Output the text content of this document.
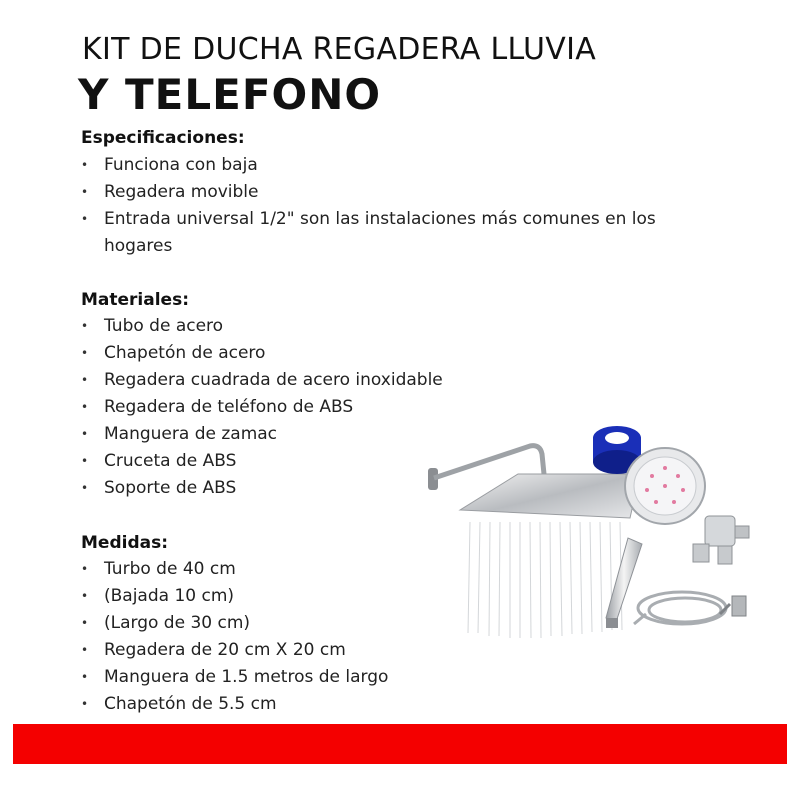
KIT DE DUCHA REGADERA LLUVIA
Y TELEFONO
Especificaciones:
• Funciona con baja
• Regadera movible
• Entrada universal 1/2" son las instalaciones más comunes en los hogares
Materiales:
• Tubo de acero
• Chapetón de acero
• Regadera cuadrada de acero inoxidable
• Regadera de teléfono de ABS
• Manguera de zamac
• Cruceta de ABS
• Soporte de ABS
Medidas:
• Turbo de 40 cm
• (Bajada 10 cm)
• (Largo de 30 cm)
• Regadera de 20 cm X 20 cm
• Manguera de 1.5 metros de largo
• Chapetón de 5.5 cm
